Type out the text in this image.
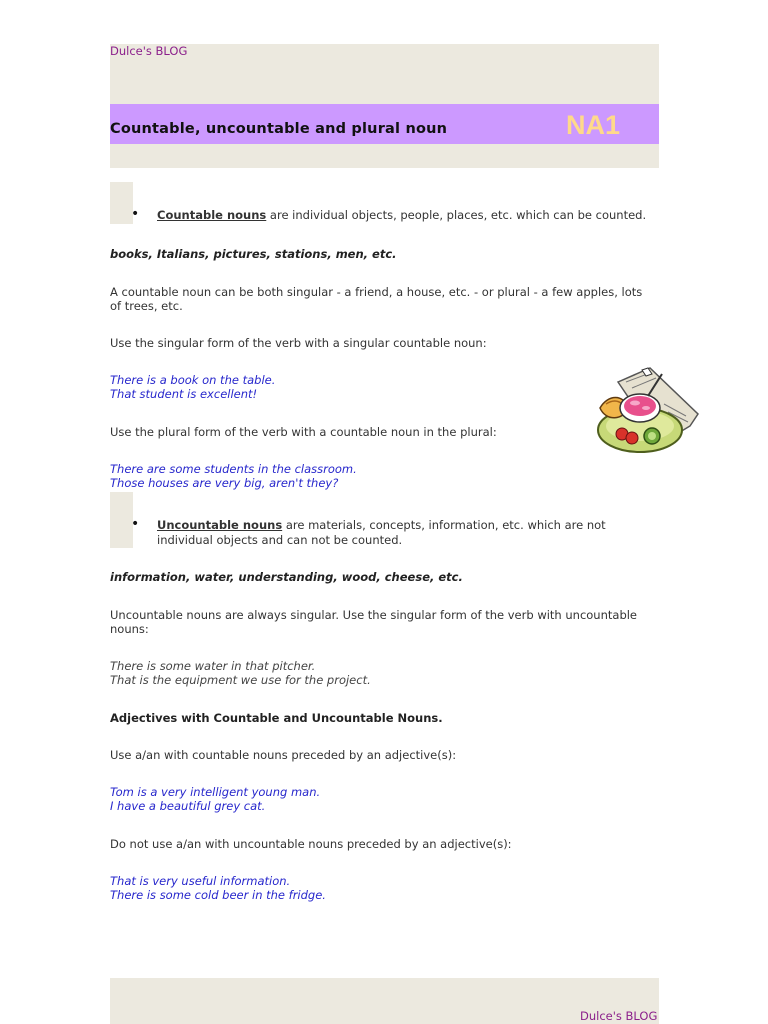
Dulce's BLOG
Countable, uncountable and plural noun	NA1
• Countable nouns are individual objects, people, places, etc. which can be counted.
books, Italians, pictures, stations, men, etc.
A countable noun can be both singular - a friend, a house, etc. - or plural - a few apples, lots
of trees, etc.
Use the singular form of the verb with a singular countable noun:
There is a book on the table.
That student is excellent!
Use the plural form of the verb with a countable noun in the plural:
There are some students in the classroom.
Those houses are very big, aren't they?
• Uncountable nouns are materials, concepts, information, etc. which are not
individual objects and can not be counted.
information, water, understanding, wood, cheese, etc.
Uncountable nouns are always singular. Use the singular form of the verb with uncountable
nouns:
There is some water in that pitcher.
That is the equipment we use for the project.
Adjectives with Countable and Uncountable Nouns.
Use a/an with countable nouns preceded by an adjective(s):
Tom is a very intelligent young man.
I have a beautiful grey cat.
Do not use a/an with uncountable nouns preceded by an adjective(s):
That is very useful information.
There is some cold beer in the fridge.
Dulce's BLOG
